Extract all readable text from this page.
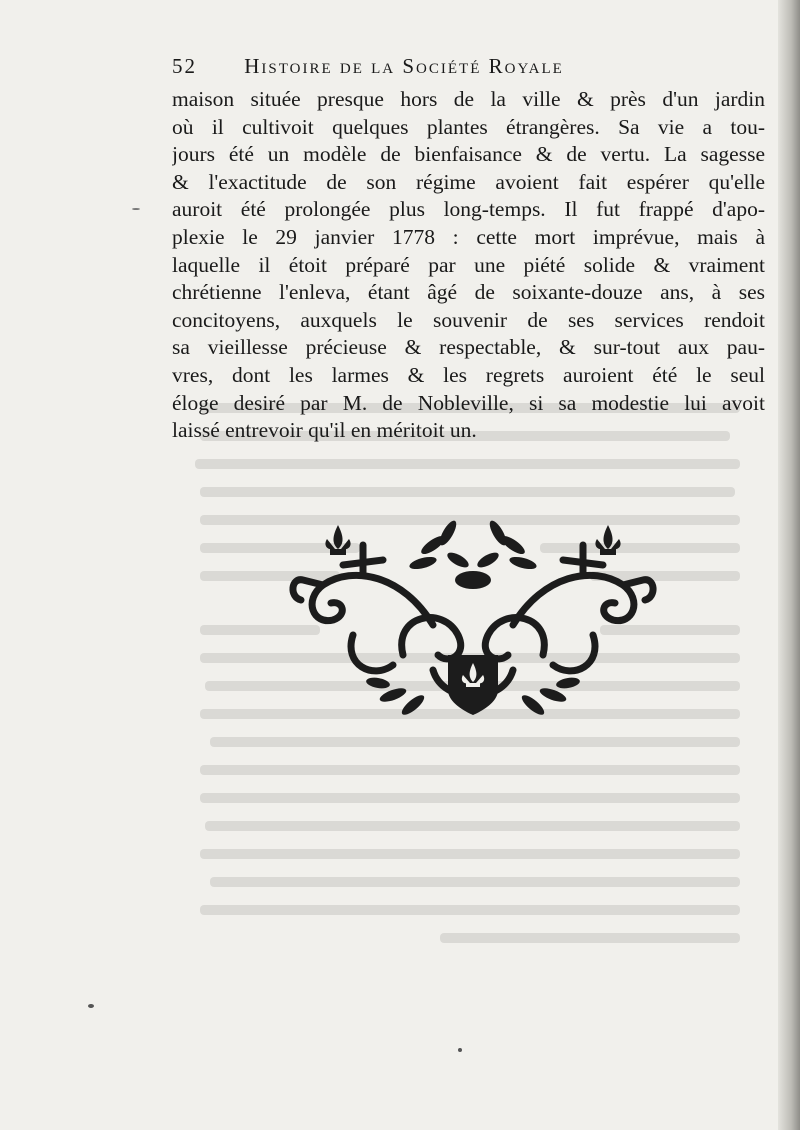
52 Histoire de la Société Royale
maison située presque hors de la ville & près d'un jardin
où il cultivoit quelques plantes étrangères. Sa vie a tou-
jours été un modèle de bienfaisance & de vertu. La sagesse
& l'exactitude de son régime avoient fait espérer qu'elle
auroit été prolongée plus long-temps. Il fut frappé d'apo-
plexie le 29 janvier 1778 : cette mort imprévue, mais à
laquelle il étoit préparé par une piété solide & vraiment
chrétienne l'enleva, étant âgé de soixante-douze ans, à ses
concitoyens, auxquels le souvenir de ses services rendoit
sa vieillesse précieuse & respectable, & sur-tout aux pau-
vres, dont les larmes & les regrets auroient été le seul
éloge desiré par M. de Nobleville, si sa modestie lui avoit
laissé entrevoir qu'il en méritoit un.
